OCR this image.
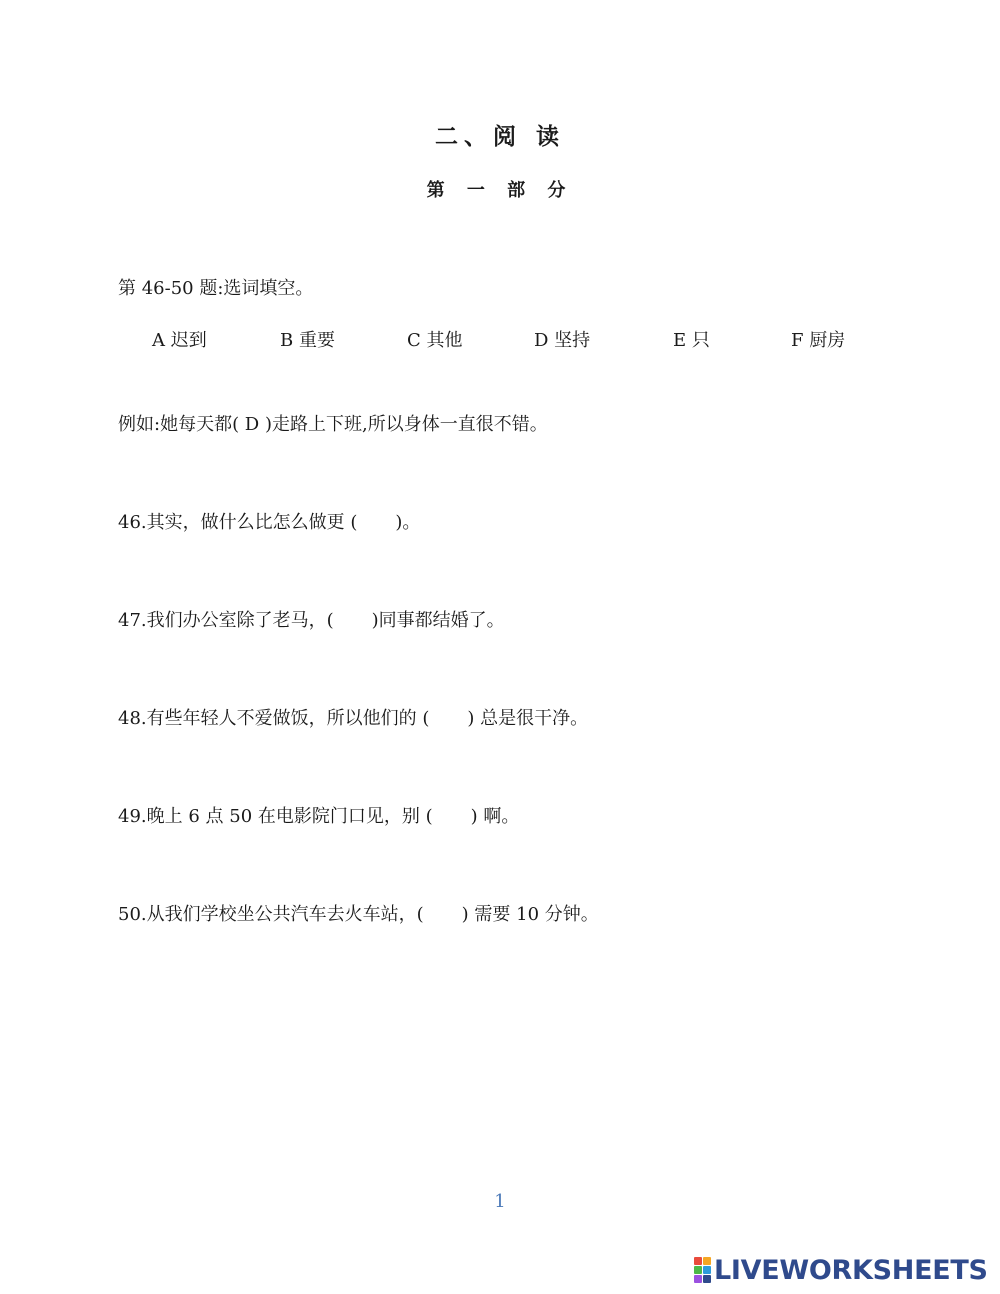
二、阅 读
第 一 部 分
第 46-50 题:选词填空。
A 迟到	B 重要	C 其他	D 坚持	E 只	F 厨房
例如:她每天都( D )走路上下班,所以身体一直很不错。
46.其实，做什么比怎么做更 ( )。
47.我们办公室除了老马，( )同事都结婚了。
48.有些年轻人不爱做饭，所以他们的 ( ) 总是很干净。
49.晚上 6 点 50 在电影院门口见，别 ( ) 啊。
50.从我们学校坐公共汽车去火车站，( ) 需要 10 分钟。
1
LIVEWORKSHEETS
